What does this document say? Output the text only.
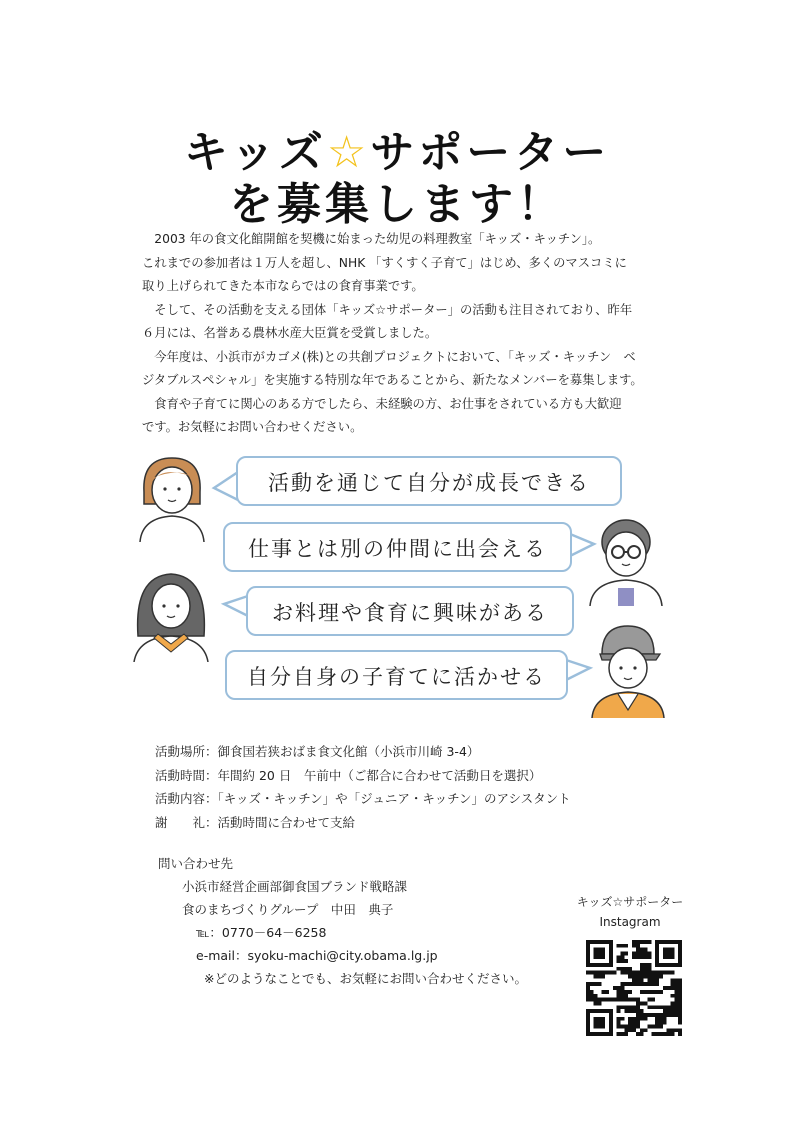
キッズ☆サポーター
を募集します！

　2003 年の食文化館開館を契機に始まった幼児の料理教室「キッズ・キッチン」。

これまでの参加者は１万人を超し、NHK 「すくすく子育て」はじめ、多くのマスコミに

取り上げられてきた本市ならではの食育事業です。

　そして、その活動を支える団体「キッズ☆サポーター」の活動も注目されており、昨年

６月には、名誉ある農林水産大臣賞を受賞しました。

　今年度は、小浜市がカゴメ(株)との共創プロジェクトにおいて、「キッズ・キッチン　ベ

ジタブルスペシャル」を実施する特別な年であることから、新たなメンバーを募集します。

　食育や子育てに関心のある方でしたら、未経験の方、お仕事をされている方も大歓迎

です。お気軽にお問い合わせください。

活動を通じて自分が成長できる
仕事とは別の仲間に出会える
お料理や食育に興味がある
自分自身の子育てに活かせる

活動場所：御食国若狭おばま食文化館（小浜市川崎 3-4）

活動時間：年間約 20 日　午前中（ご都合に合わせて活動日を選択）

活動内容：「キッズ・キッチン」や「ジュニア・キッチン」のアシスタント

謝　　礼：活動時間に合わせて支給

問い合わせ先

小浜市経営企画部御食国ブランド戦略課

食のまちづくりグループ　中田　典子

℡：0770－64－6258

e-mail：syoku-machi@city.obama.lg.jp

※どのようなことでも、お気軽にお問い合わせください。

キッズ☆サポーター
Instagram
